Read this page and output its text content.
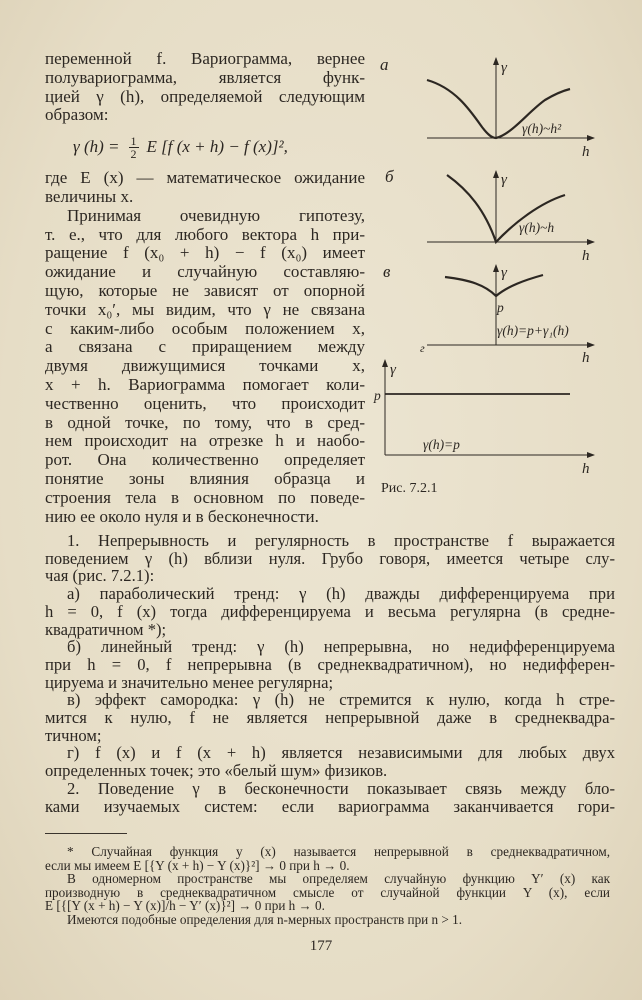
переменной f. Вариограмма, вернее
полувариограмма, является функ-
цией γ (h), определяемой следующим
образом:
γ $(h) = \frac{1}{2}$ E [f (x + h) − f (x)]²,
где E (x) — математическое ожидание
величины x.
Принимая очевидную гипотезу,
т. е., что для любого вектора h при-
ращение f (x₀ + h) − f (x₀) имеет
ожидание и случайную составляю-
щую, которые не зависят от опорной
точки x₀′, мы видим, что γ не связана
с каким-либо особым положением x,
а связана с приращением между
двумя движущимися точками x,
x + h. Вариограмма помогает коли-
чественно оценить, что происходит
в одной точке, по тому, что в сред-
нем происходит на отрезке h и наобо-
рот. Она количественно определяет
понятие зоны влияния образца и
строения тела в основном по поведе-
нию ее около нуля и в бесконечности.
1. Непрерывность и регулярность в пространстве f выражается
поведением γ (h) вблизи нуля. Грубо говоря, имеется четыре слу-
чая (рис. 7.2.1):
а) параболический тренд: γ (h) дважды дифференцируема при
h = 0, f (x) тогда дифференцируема и весьма регулярна (в средне-
квадратичном *);
б) линейный тренд: γ (h) непрерывна, но недифференцируема
при h = 0, f непрерывна (в среднеквадратичном), но недифферен-
цируема и значительно менее регулярна;
в) эффект самородка: γ (h) не стремится к нулю, когда h стре-
мится к нулю, f не является непрерывной даже в среднеквадра-
тичном;
г) f (x) и f (x + h) является независимыми для любых двух
определенных точек; это «белый шум» физиков.
2. Поведение γ в бесконечности показывает связь между бло-
ками изучаемых систем: если вариограмма заканчивается гори-
* Случайная функция y (x) называется непрерывной в среднеквадратичном,
если мы имеем E [{Y (x + h) − Y (x)}²] → 0 при h → 0.
В одномерном пространстве мы определяем случайную функцию Y′ (x) как
производную в среднеквадратичном смысле от случайной функции Y (x), если
E [{[Y (x + h) − Y (x)]/h − Y′ (x)}²] → 0 при h → 0.
Имеются подобные определения для n-мерных пространств при n > 1.
177
а	γ
h
γ(h)~h²
б	γ
h
γ(h)~h
в	γ
p
γ(h)=p+γ₁(h)
h
г
γ
p
γ(h)=p
h
Рис. 7.2.1
